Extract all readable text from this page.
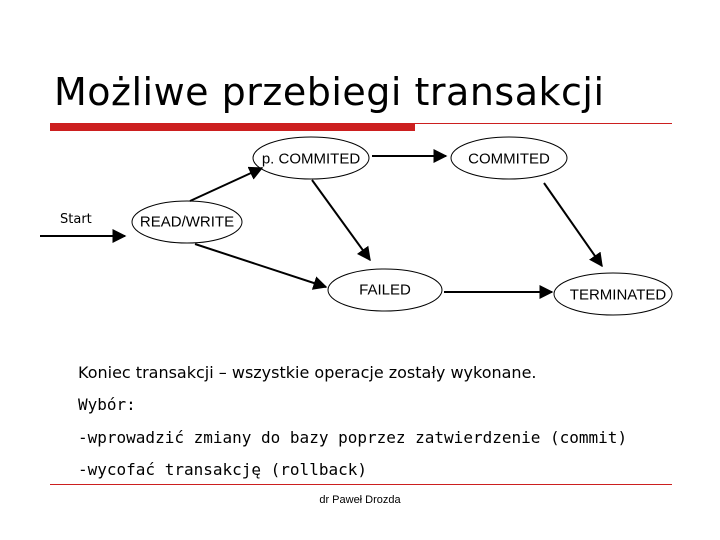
Możliwe przebiegi transakcji
Start
p. COMMITED	COMMITED
READ/WRITE
FAILED	TERMINATED
Koniec transakcji – wszystkie operacje zostały wykonane.
Wybór:
-wprowadzić zmiany do bazy poprzez zatwierdzenie (commit)
-wycofać transakcję (rollback)
dr Paweł Drozda
